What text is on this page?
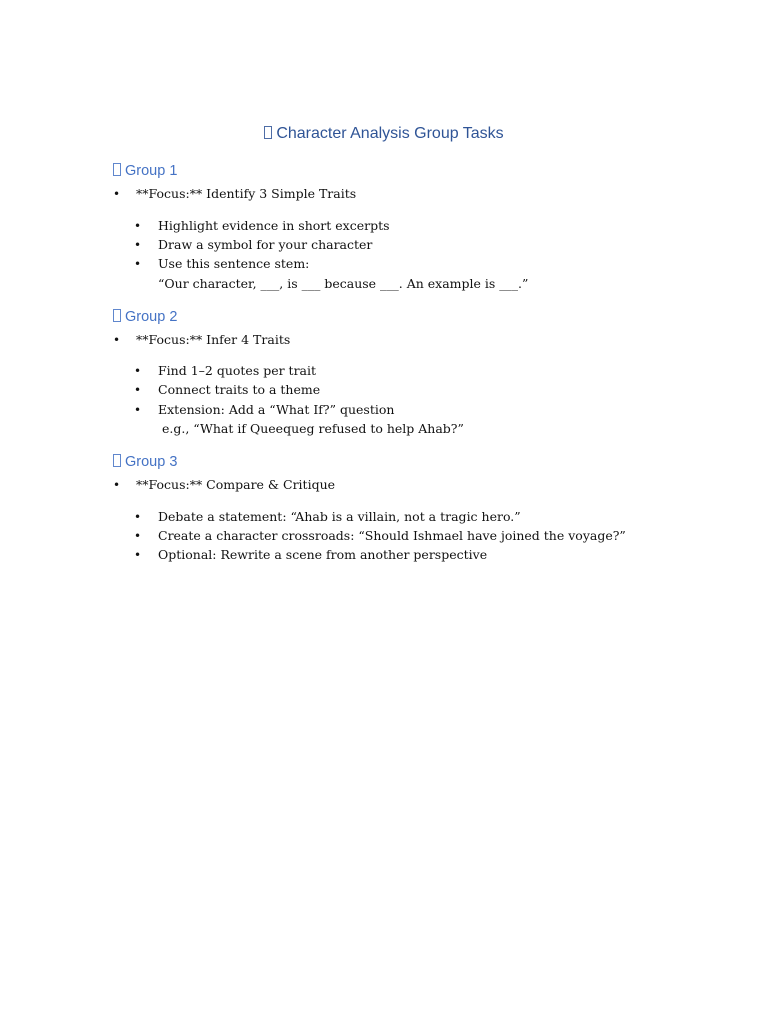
Character Analysis Group Tasks
Group 1
• **Focus:** Identify 3 Simple Traits
• Highlight evidence in short excerpts
• Draw a symbol for your character
• Use this sentence stem:
“Our character, ___, is ___ because ___. An example is ___.”
Group 2
• **Focus:** Infer 4 Traits
• Find 1–2 quotes per trait
• Connect traits to a theme
• Extension: Add a “What If?” question
e.g., “What if Queequeg refused to help Ahab?”
Group 3
• **Focus:** Compare & Critique
• Debate a statement: “Ahab is a villain, not a tragic hero.”
• Create a character crossroads: “Should Ishmael have joined the voyage?”
• Optional: Rewrite a scene from another perspective
